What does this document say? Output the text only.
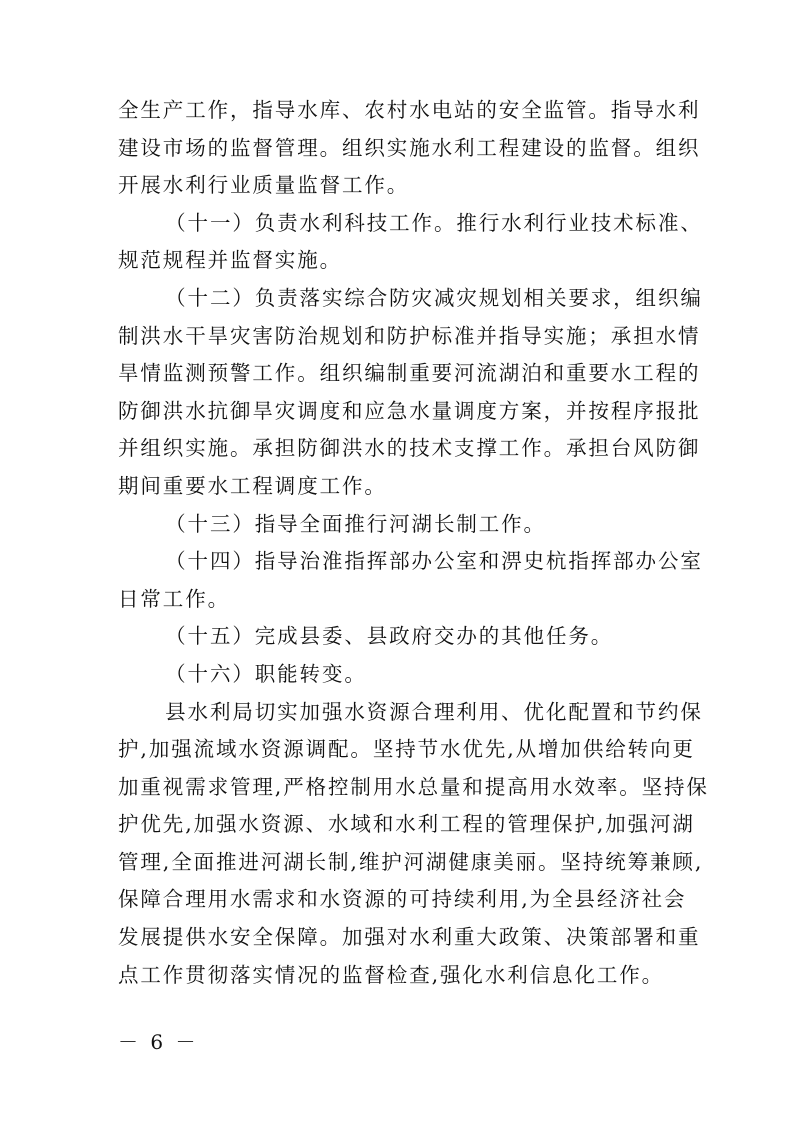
全生产工作，指导水库、农村水电站的安全监管。指导水利
建设市场的监督管理。组织实施水利工程建设的监督。组织
开展水利行业质量监督工作。
（十一）负责水利科技工作。推行水利行业技术标准、
规范规程并监督实施。
（十二）负责落实综合防灾减灾规划相关要求，组织编
制洪水干旱灾害防治规划和防护标准并指导实施；承担水情
旱情监测预警工作。组织编制重要河流湖泊和重要水工程的
防御洪水抗御旱灾调度和应急水量调度方案，并按程序报批
并组织实施。承担防御洪水的技术支撑工作。承担台风防御
期间重要水工程调度工作。
（十三）指导全面推行河湖长制工作。
（十四）指导治淮指挥部办公室和淠史杭指挥部办公室
日常工作。
（十五）完成县委、县政府交办的其他任务。
（十六）职能转变。
县水利局切实加强水资源合理利用、优化配置和节约保
护,加强流域水资源调配。坚持节水优先,从增加供给转向更
加重视需求管理,严格控制用水总量和提高用水效率。坚持保
护优先,加强水资源、水域和水利工程的管理保护,加强河湖
管理,全面推进河湖长制,维护河湖健康美丽。坚持统筹兼顾,
保障合理用水需求和水资源的可持续利用,为全县经济社会
发展提供水安全保障。加强对水利重大政策、决策部署和重
点工作贯彻落实情况的监督检查,强化水利信息化工作。
－ 6 －
